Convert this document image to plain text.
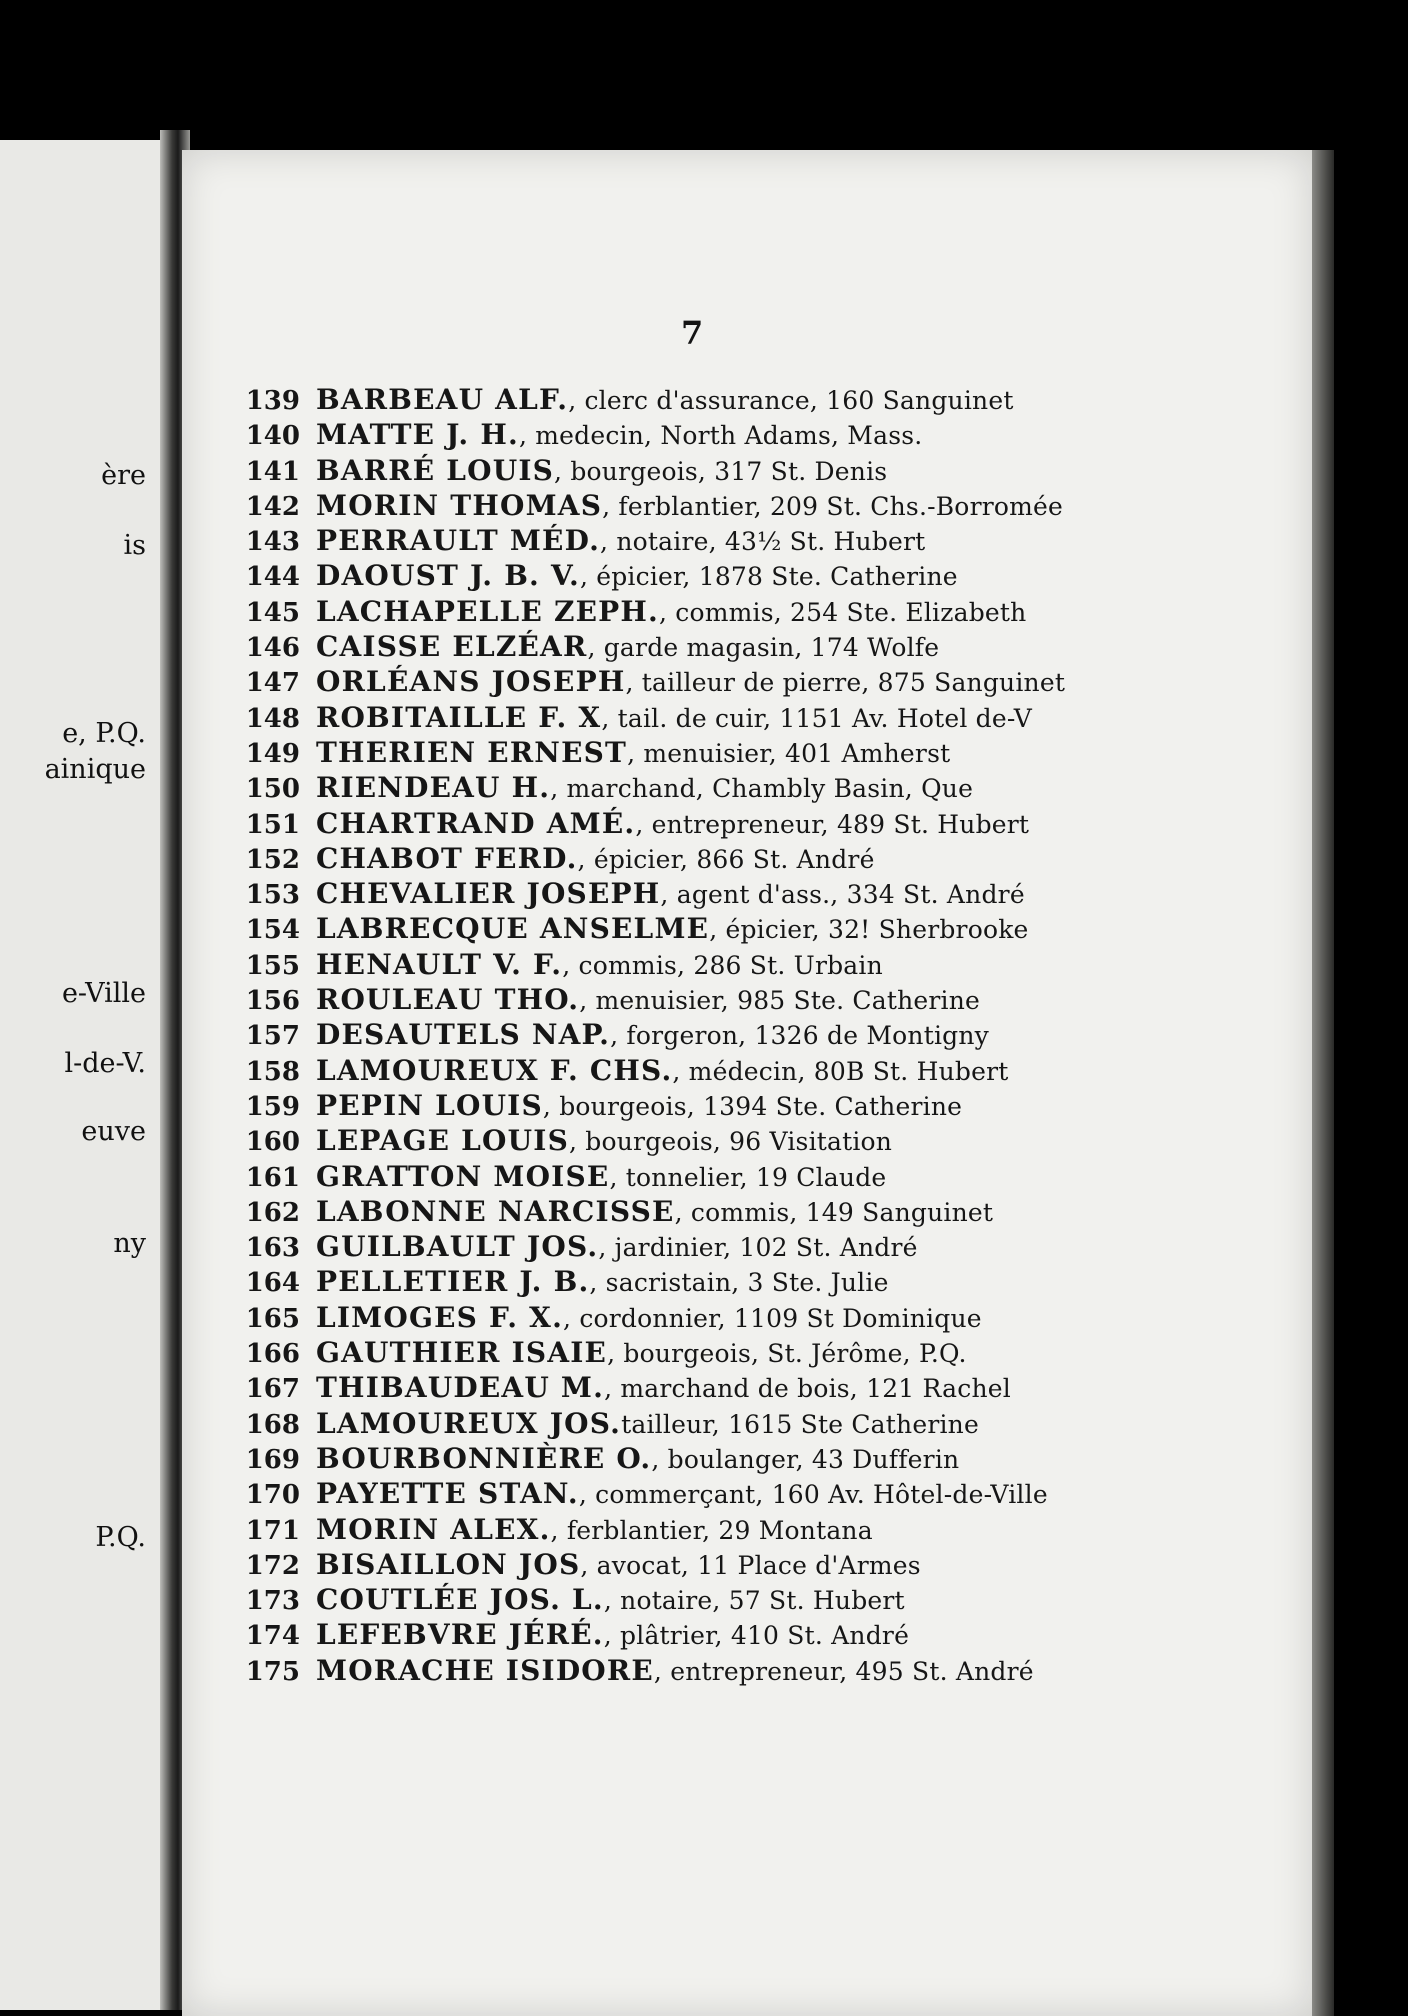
ère
is
e, P.Q.
ainique
e-Ville
l-de-V.
euve
ny
P.Q.
7
139 BARBEAU ALF. , clerc d'assurance, 160 Sanguinet
140 MATTE J. H. , medecin, North Adams, Mass.
141 BARRÉ LOUIS , bourgeois, 317 St. Denis
142 MORIN THOMAS , ferblantier, 209 St. Chs.-Borromée
143 PERRAULT MÉD. , notaire, 43½ St. Hubert
144 DAOUST J. B. V. , épicier, 1878 Ste. Catherine
145 LACHAPELLE ZEPH. , commis, 254 Ste. Elizabeth
146 CAISSE ELZÉAR , garde magasin, 174 Wolfe
147 ORLÉANS JOSEPH , tailleur de pierre, 875 Sanguinet
148 ROBITAILLE F. X , tail. de cuir, 1151 Av. Hotel de-V
149 THERIEN ERNEST , menuisier, 401 Amherst
150 RIENDEAU H. , marchand, Chambly Basin, Que
151 CHARTRAND AMÉ. , entrepreneur, 489 St. Hubert
152 CHABOT FERD. , épicier, 866 St. André
153 CHEVALIER JOSEPH , agent d'ass., 334 St. André
154 LABRECQUE ANSELME , épicier, 32! Sherbrooke
155 HENAULT V. F. , commis, 286 St. Urbain
156 ROULEAU THO. , menuisier, 985 Ste. Catherine
157 DESAUTELS NAP. , forgeron, 1326 de Montigny
158 LAMOUREUX F. CHS. , médecin, 80B St. Hubert
159 PEPIN LOUIS , bourgeois, 1394 Ste. Catherine
160 LEPAGE LOUIS , bourgeois, 96 Visitation
161 GRATTON MOISE , tonnelier, 19 Claude
162 LABONNE NARCISSE , commis, 149 Sanguinet
163 GUILBAULT JOS. , jardinier, 102 St. André
164 PELLETIER J. B. , sacristain, 3 Ste. Julie
165 LIMOGES F. X. , cordonnier, 1109 St Dominique
166 GAUTHIER ISAIE , bourgeois, St. Jérôme, P.Q.
167 THIBAUDEAU M. , marchand de bois, 121 Rachel
168 LAMOUREUX JOS. tailleur, 1615 Ste Catherine
169 BOURBONNIÈRE O. , boulanger, 43 Dufferin
170 PAYETTE STAN. , commerçant, 160 Av. Hôtel-de-Ville
171 MORIN ALEX. , ferblantier, 29 Montana
172 BISAILLON JOS , avocat, 11 Place d'Armes
173 COUTLÉE JOS. L. , notaire, 57 St. Hubert
174 LEFEBVRE JÉRÉ. , plâtrier, 410 St. André
175 MORACHE ISIDORE , entrepreneur, 495 St. André
